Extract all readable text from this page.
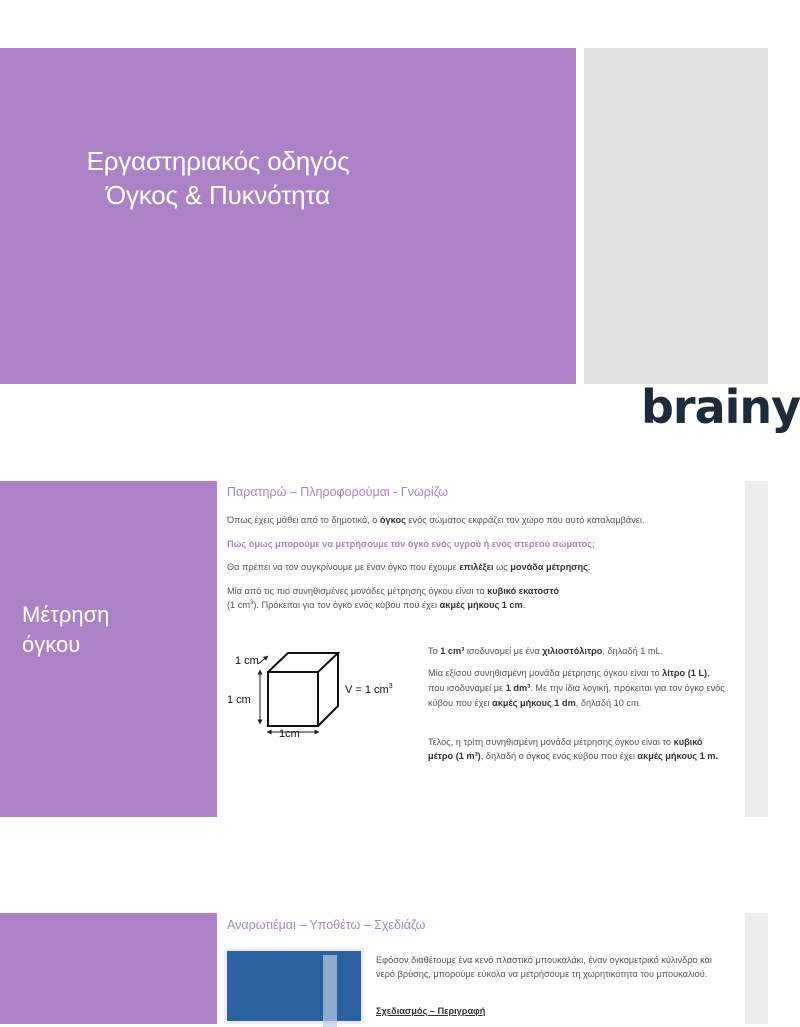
Εργαστηριακός οδηγός
Όγκος & Πυκνότητα
brainy
Μέτρηση
όγκου
Παρατηρώ – Πληροφορούμαι - Γνωρίζω
Όπως έχεις μάθει από το δημοτικό, ο όγκος ενός σώματος εκφράζει τον χώρο που αυτό καταλαμβάνει.
Πώς όμως μπορούμε να μετρήσουμε τον όγκο ενός υγρού ή ενός στερεού σώματος;
Θα πρέπει να τον συγκρίνουμε με έναν όγκο που έχουμε επιλέξει ως μονάδα μέτρησης.
Μία από τις πιο συνηθισμένες μονάδες μέτρησης όγκου είναι το κυβικό εκατοστό
(1 $cm^3$). Πρόκειται για τον όγκο ενός κύβου που έχει ακμές μήκους 1 cm.
1 cm
1 cm
1cm
V = 1 $cm^3$
Το 1 cm³ ισοδυναμεί με ένα χιλιοστόλιτρο, δηλαδή 1 mL.
Μία εξίσου συνηθισμένη μονάδα μέτρησης όγκου είναι το λίτρο (1 L), που ισοδυναμεί με 1 dm³. Με την ίδια λογική, πρόκειται για τον όγκο ενός κύβου που έχει ακμές μήκους 1 dm, δηλαδή 10 cm.
Τέλος, η τρίτη συνηθισμένη μονάδα μέτρησης όγκου είναι το κυβικό μέτρο (1 m³), δηλαδή ο όγκος ενός κύβου που έχει ακμές μήκους 1 m.
Αναρωτιέμαι – Υποθέτω – Σχεδιάζω
Εφόσον διαθέτουμε ένα κενό πλαστικό μπουκαλάκι, έναν ογκομετρικό κύλινδρο και νερό βρύσης, μπορούμε εύκολα να μετρήσουμε τη χωρητικότητα του μπουκαλιού.
Σχεδιασμός – Περιγραφή
